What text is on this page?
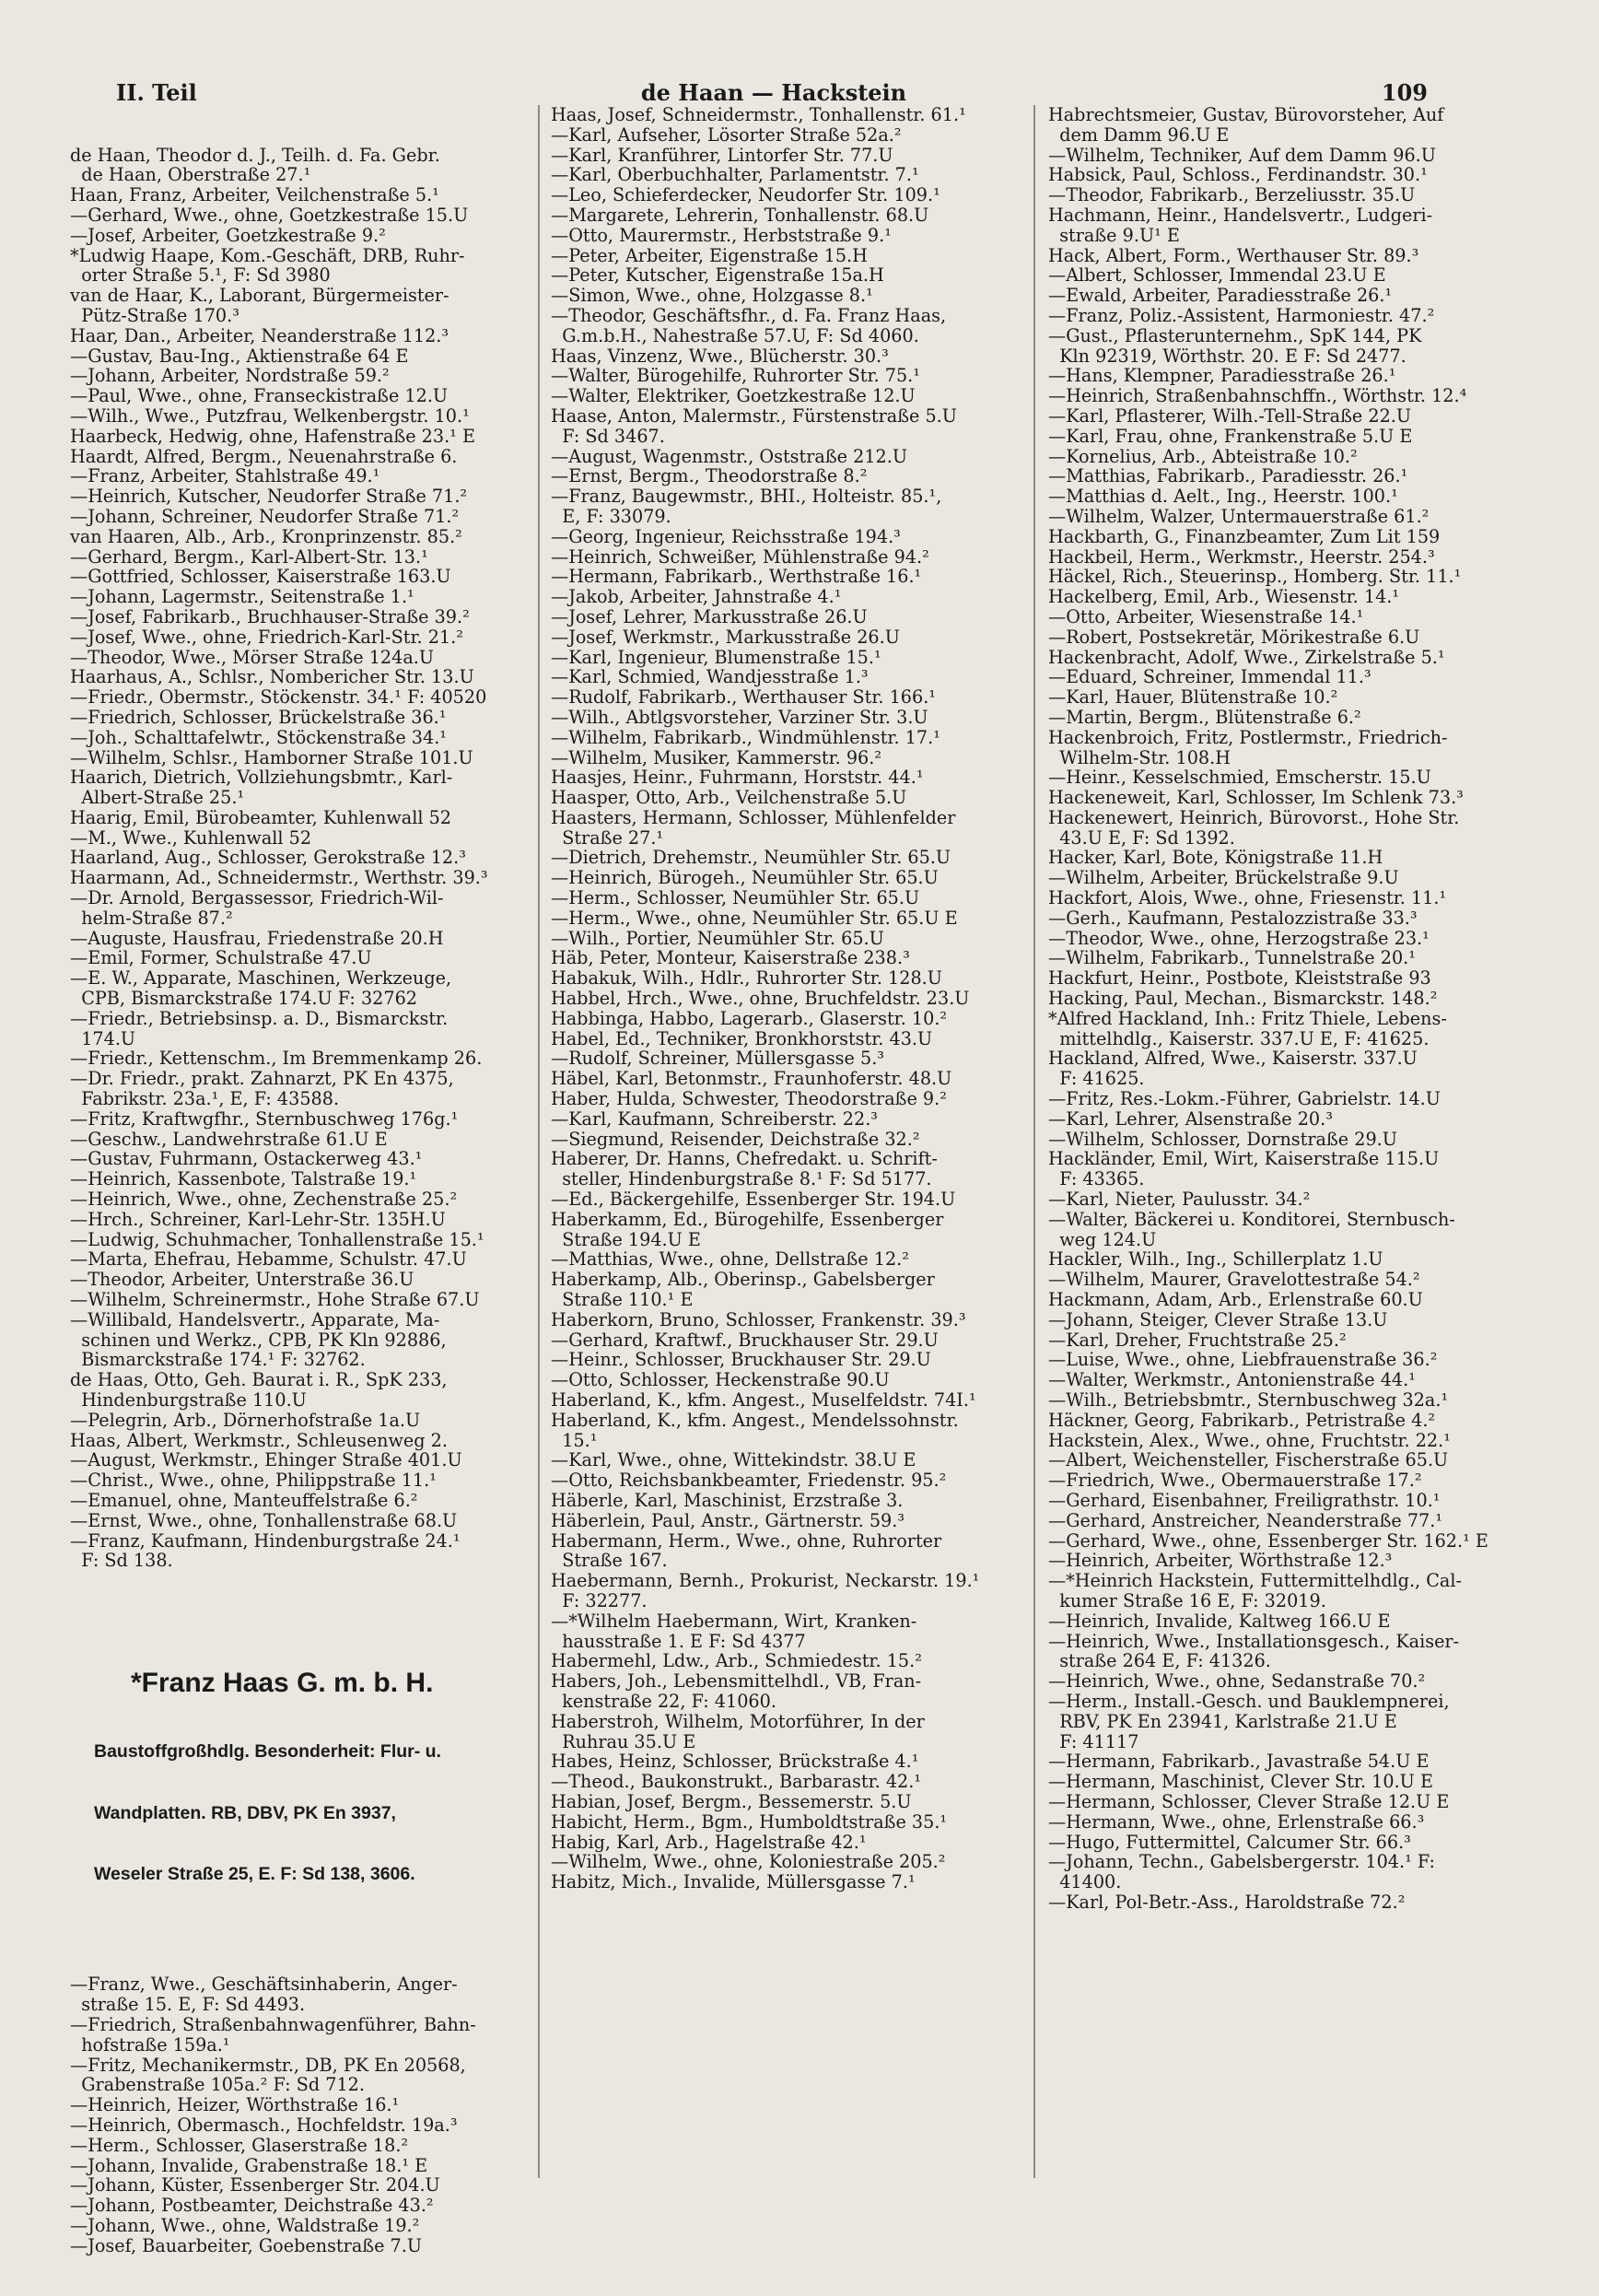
II. Teil	de Haan — Hackstein	109

de Haan, Theodor d. J., Teilh. d. Fa. Gebr.
de Haan, Oberstraße 27.¹
Haan, Franz, Arbeiter, Veilchenstraße 5.¹
—Gerhard, Wwe., ohne, Goetzkestraße 15.U
—Josef, Arbeiter, Goetzkestraße 9.²
*Ludwig Haape, Kom.-Geschäft, DRB, Ruhr-
orter Straße 5.¹, F: Sd 3980
van de Haar, K., Laborant, Bürgermeister-
Pütz-Straße 170.³
Haar, Dan., Arbeiter, Neanderstraße 112.³
—Gustav, Bau-Ing., Aktienstraße 64 E
—Johann, Arbeiter, Nordstraße 59.²
—Paul, Wwe., ohne, Franseckistraße 12.U
—Wilh., Wwe., Putzfrau, Welkenbergstr. 10.¹
Haarbeck, Hedwig, ohne, Hafenstraße 23.¹ E
Haardt, Alfred, Bergm., Neuenahrstraße 6.
—Franz, Arbeiter, Stahlstraße 49.¹
—Heinrich, Kutscher, Neudorfer Straße 71.²
—Johann, Schreiner, Neudorfer Straße 71.²
van Haaren, Alb., Arb., Kronprinzenstr. 85.²
—Gerhard, Bergm., Karl-Albert-Str. 13.¹
—Gottfried, Schlosser, Kaiserstraße 163.U
—Johann, Lagermstr., Seitenstraße 1.¹
—Josef, Fabrikarb., Bruchhauser-Straße 39.²
—Josef, Wwe., ohne, Friedrich-Karl-Str. 21.²
—Theodor, Wwe., Mörser Straße 124a.U
Haarhaus, A., Schlsr., Nomberichеr Str. 13.U
—Friedr., Obermstr., Stöckenstr. 34.¹ F: 40520
—Friedrich, Schlosser, Brückelstraße 36.¹
—Joh., Schalttafelwtr., Stöckenstraße 34.¹
—Wilhelm, Schlsr., Hamborner Straße 101.U
Haarich, Dietrich, Vollziehungsbmtr., Karl-
Albert-Straße 25.¹
Haarig, Emil, Bürobeamter, Kuhlenwall 52
—M., Wwe., Kuhlenwall 52
Haarland, Aug., Schlosser, Gerokstraße 12.³
Haarmann, Ad., Schneidermstr., Werthstr. 39.³
—Dr. Arnold, Bergassessor, Friedrich-Wil-
helm-Straße 87.²
—Auguste, Hausfrau, Friedenstraße 20.H
—Emil, Former, Schulstraße 47.U
—E. W., Apparate, Maschinen, Werkzeuge,
CPB, Bismarckstraße 174.U F: 32762
—Friedr., Betriebsinsp. a. D., Bismarckstr.
174.U
—Friedr., Kettenschm., Im Bremmenkamp 26.
—Dr. Friedr., prakt. Zahnarzt, PK En 4375,
Fabrikstr. 23a.¹, E, F: 43588.
—Fritz, Kraftwgfhr., Sternbuschweg 176g.¹
—Geschw., Landwehrstraße 61.U E
—Gustav, Fuhrmann, Ostackerweg 43.¹
—Heinrich, Kassenbote, Talstraße 19.¹
—Heinrich, Wwe., ohne, Zechenstraße 25.²
—Hrch., Schreiner, Karl-Lehr-Str. 135H.U
—Ludwig, Schuhmacher, Tonhallenstraße 15.¹
—Marta, Ehefrau, Hebamme, Schulstr. 47.U
—Theodor, Arbeiter, Unterstraße 36.U
—Wilhelm, Schreinermstr., Hohe Straße 67.U
—Willibald, Handelsvertr., Apparate, Ma-
schinen und Werkz., CPB, PK Kln 92886,
Bismarckstraße 174.¹ F: 32762.
de Haas, Otto, Geh. Baurat i. R., SpK 233,
Hindenburgstraße 110.U
—Pelegrin, Arb., Dörnerhofstraße 1a.U
Haas, Albert, Werkmstr., Schleusenweg 2.
—August, Werkmstr., Ehinger Straße 401.U
—Christ., Wwe., ohne, Philippstraße 11.¹
—Emanuel, ohne, Manteuffelstraße 6.²
—Ernst, Wwe., ohne, Tonhallenstraße 68.U
—Franz, Kaufmann, Hindenburgstraße 24.¹
F: Sd 138.

*Franz Haas G. m. b. H.

Baustoffgroßhdlg. Besonderheit: Flur- u.

Wandplatten. RB, DBV, PK En 3937,

Weseler Straße 25, E. F: Sd 138, 3606.

—Franz, Wwe., Geschäftsinhaberin, Anger-
straße 15. E, F: Sd 4493.
—Friedrich, Straßenbahnwagenführer, Bahn-
hofstraße 159a.¹
—Fritz, Mechanikermstr., DB, PK En 20568,
Grabenstraße 105a.² F: Sd 712.
—Heinrich, Heizer, Wörthstraße 16.¹
—Heinrich, Obermasch., Hochfeldstr. 19a.³
—Herm., Schlosser, Glaserstraße 18.²
—Johann, Invalide, Grabenstraße 18.¹ E
—Johann, Küster, Essenberger Str. 204.U
—Johann, Postbeamter, Deichstraße 43.²
—Johann, Wwe., ohne, Waldstraße 19.²
—Josef, Bauarbeiter, Goebenstraße 7.U

Haas, Josef, Schneidermstr., Tonhallenstr. 61.¹
—Karl, Aufseher, Lösorter Straße 52a.²
—Karl, Kranführer, Lintorfer Str. 77.U
—Karl, Oberbuchhalter, Parlamentstr. 7.¹
—Leo, Schieferdecker, Neudorfer Str. 109.¹
—Margarete, Lehrerin, Tonhallenstr. 68.U
—Otto, Maurermstr., Herbststraße 9.¹
—Peter, Arbeiter, Eigenstraße 15.H
—Peter, Kutscher, Eigenstraße 15a.H
—Simon, Wwe., ohne, Holzgasse 8.¹
—Theodor, Geschäftsfhr., d. Fa. Franz Haas,
G.m.b.H., Nahestraße 57.U, F: Sd 4060.
Haas, Vinzenz, Wwe., Blücherstr. 30.³
—Walter, Bürogehilfe, Ruhrorter Str. 75.¹
—Walter, Elektriker, Goetzkestraße 12.U
Haase, Anton, Malermstr., Fürstenstraße 5.U
F: Sd 3467.
—August, Wagenmstr., Oststraße 212.U
—Ernst, Bergm., Theodorstraße 8.²
—Franz, Baugewmstr., BHI., Holteistr. 85.¹,
E, F: 33079.
—Georg, Ingenieur, Reichsstraße 194.³
—Heinrich, Schweißer, Mühlenstraße 94.²
—Hermann, Fabrikarb., Werthstraße 16.¹
—Jakob, Arbeiter, Jahnstraße 4.¹
—Josef, Lehrer, Markusstraße 26.U
—Josef, Werkmstr., Markusstraße 26.U
—Karl, Ingenieur, Blumenstraße 15.¹
—Karl, Schmied, Wandjesstraße 1.³
—Rudolf, Fabrikarb., Werthauser Str. 166.¹
—Wilh., Abtlgsvorsteher, Varziner Str. 3.U
—Wilhelm, Fabrikarb., Windmühlenstr. 17.¹
—Wilhelm, Musiker, Kammerstr. 96.²
Haasjes, Heinr., Fuhrmann, Horststr. 44.¹
Haasper, Otto, Arb., Veilchenstraße 5.U
Haasters, Hermann, Schlosser, Mühlenfelder
Straße 27.¹
—Dietrich, Drehemstr., Neumühler Str. 65.U
—Heinrich, Bürogeh., Neumühler Str. 65.U
—Herm., Schlosser, Neumühler Str. 65.U
—Herm., Wwe., ohne, Neumühler Str. 65.U E
—Wilh., Portier, Neumühler Str. 65.U
Häb, Peter, Monteur, Kaiserstraße 238.³
Habakuk, Wilh., Hdlr., Ruhrorter Str. 128.U
Habbel, Hrch., Wwe., ohne, Bruchfeldstr. 23.U
Habbinga, Habbo, Lagerarb., Glaserstr. 10.²
Habel, Ed., Techniker, Bronkhorststr. 43.U
—Rudolf, Schreiner, Müllersgasse 5.³
Häbel, Karl, Betonmstr., Fraunhoferstr. 48.U
Haber, Hulda, Schwester, Theodorstraße 9.²
—Karl, Kaufmann, Schreiberstr. 22.³
—Siegmund, Reisender, Deichstraße 32.²
Haberer, Dr. Hanns, Chefredakt. u. Schrift-
steller, Hindenburgstraße 8.¹ F: Sd 5177.
—Ed., Bäckergehilfe, Essenberger Str. 194.U
Haberkamm, Ed., Bürogehilfe, Essenberger
Straße 194.U E
—Matthias, Wwe., ohne, Dellstraße 12.²
Haberkamp, Alb., Oberinsp., Gabelsberger
Straße 110.¹ E
Haberkorn, Bruno, Schlosser, Frankenstr. 39.³
—Gerhard, Kraftwf., Bruckhauser Str. 29.U
—Heinr., Schlosser, Bruckhauser Str. 29.U
—Otto, Schlosser, Heckenstraße 90.U
Haberland, K., kfm. Angest., Muselfeldstr. 74I.¹
Haberland, K., kfm. Angest., Mendelssohnstr.
15.¹
—Karl, Wwe., ohne, Wittekindstr. 38.U E
—Otto, Reichsbankbeamter, Friedenstr. 95.²
Häberle, Karl, Maschinist, Erzstraße 3.
Häberlein, Paul, Anstr., Gärtnerstr. 59.³
Habermann, Herm., Wwe., ohne, Ruhrorter
Straße 167.
Haebermann, Bernh., Prokurist, Neckarstr. 19.¹
F: 32277.
—*Wilhelm Haebermann, Wirt, Kranken-
hausstraße 1. E F: Sd 4377
Habermehl, Ldw., Arb., Schmiedestr. 15.²
Habers, Joh., Lebensmittelhdl., VB, Fran-
kenstraße 22, F: 41060.
Haberstroh, Wilhelm, Motorführer, In der
Ruhrau 35.U E
Habes, Heinz, Schlosser, Brückstraße 4.¹
—Theod., Baukonstrukt., Barbarastr. 42.¹
Habian, Josef, Bergm., Bessemerstr. 5.U
Habicht, Herm., Bgm., Humboldtstraße 35.¹
Habig, Karl, Arb., Hagelstraße 42.¹
—Wilhelm, Wwe., ohne, Koloniestraße 205.²
Habitz, Mich., Invalide, Müllersgasse 7.¹
Habrechtsmeier, Gustav, Bürovorsteher, Auf
dem Damm 96.U E
—Wilhelm, Techniker, Auf dem Damm 96.U
Habsick, Paul, Schloss., Ferdinandstr. 30.¹
—Theodor, Fabrikarb., Berzeliusstr. 35.U
Hachmann, Heinr., Handelsvertr., Ludgeri-
straße 9.U¹ E
Hack, Albert, Form., Werthauser Str. 89.³
—Albert, Schlosser, Immendal 23.U E
—Ewald, Arbeiter, Paradiesstraße 26.¹
—Franz, Poliz.-Assistent, Harmoniestr. 47.²
—Gust., Pflasterunternehm., SpK 144, PK
Kln 92319, Wörthstr. 20. E F: Sd 2477.
—Hans, Klempner, Paradiesstraße 26.¹
—Heinrich, Straßenbahnschffn., Wörthstr. 12.⁴
—Karl, Pflasterer, Wilh.-Tell-Straße 22.U
—Karl, Frau, ohne, Frankenstraße 5.U E
—Kornelius, Arb., Abteistraße 10.²
—Matthias, Fabrikarb., Paradiesstr. 26.¹
—Matthias d. Aelt., Ing., Heerstr. 100.¹
—Wilhelm, Walzer, Untermauerstraße 61.²
Hackbarth, G., Finanzbeamter, Zum Lit 159
Hackbeil, Herm., Werkmstr., Heerstr. 254.³
Häckel, Rich., Steuerinsp., Homberg. Str. 11.¹
Hackelberg, Emil, Arb., Wiesenstr. 14.¹
—Otto, Arbeiter, Wiesenstraße 14.¹
—Robert, Postsekretär, Mörikestraße 6.U
Hackenbracht, Adolf, Wwe., Zirkelstraße 5.¹
—Eduard, Schreiner, Immendal 11.³
—Karl, Hauer, Blütenstraße 10.²
—Martin, Bergm., Blütenstraße 6.²
Hackenbroich, Fritz, Postlermstr., Friedrich-
Wilhelm-Str. 108.H
—Heinr., Kesselschmied, Emscherstr. 15.U
Hackeneweit, Karl, Schlosser, Im Schlenk 73.³
Hackenewert, Heinrich, Bürovorst., Hohe Str.
43.U E, F: Sd 1392.
Hacker, Karl, Bote, Königstraße 11.H
—Wilhelm, Arbeiter, Brückelstraße 9.U
Hackfort, Alois, Wwe., ohne, Friesenstr. 11.¹
—Gerh., Kaufmann, Pestalozzistraße 33.³
—Theodor, Wwe., ohne, Herzogstraße 23.¹
—Wilhelm, Fabrikarb., Tunnelstraße 20.¹
Hackfurt, Heinr., Postbote, Kleiststraße 93
Hacking, Paul, Mechan., Bismarckstr. 148.²
*Alfred Hackland, Inh.: Fritz Thiele, Lebens-
mittelhdlg., Kaiserstr. 337.U E, F: 41625.
Hackland, Alfred, Wwe., Kaiserstr. 337.U
F: 41625.
—Fritz, Res.-Lokm.-Führer, Gabrielstr. 14.U
—Karl, Lehrer, Alsenstraße 20.³
—Wilhelm, Schlosser, Dornstraße 29.U
Hackländer, Emil, Wirt, Kaiserstraße 115.U
F: 43365.
—Karl, Nieter, Paulusstr. 34.²
—Walter, Bäckerei u. Konditorei, Sternbusch-
weg 124.U
Hackler, Wilh., Ing., Schillerplatz 1.U
—Wilhelm, Maurer, Gravelottestraße 54.²
Hackmann, Adam, Arb., Erlenstraße 60.U
—Johann, Steiger, Clever Straße 13.U
—Karl, Dreher, Fruchtstraße 25.²
—Luise, Wwe., ohne, Liebfrauenstraße 36.²
—Walter, Werkmstr., Antonienstraße 44.¹
—Wilh., Betriebsbmtr., Sternbuschweg 32a.¹
Häckner, Georg, Fabrikarb., Petristraße 4.²
Hackstein, Alex., Wwe., ohne, Fruchtstr. 22.¹
—Albert, Weichensteller, Fischerstraße 65.U
—Friedrich, Wwe., Obermauerstraße 17.²
—Gerhard, Eisenbahner, Freiligrathstr. 10.¹
—Gerhard, Anstreicher, Neanderstraße 77.¹
—Gerhard, Wwe., ohne, Essenberger Str. 162.¹ E
—Heinrich, Arbeiter, Wörthstraße 12.³
—*Heinrich Hackstein, Futtermittelhdlg., Cal-
kumer Straße 16 E, F: 32019.
—Heinrich, Invalide, Kaltweg 166.U E
—Heinrich, Wwe., Installationsgesch., Kaiser-
straße 264 E, F: 41326.
—Heinrich, Wwe., ohne, Sedanstraße 70.²
—Herm., Install.-Gesch. und Bauklempnerei,
RBV, PK En 23941, Karlstraße 21.U E
F: 41117
—Hermann, Fabrikarb., Javastraße 54.U E
—Hermann, Maschinist, Clever Str. 10.U E
—Hermann, Schlosser, Clever Straße 12.U E
—Hermann, Wwe., ohne, Erlenstraße 66.³
—Hugo, Futtermittel, Calcumer Str. 66.³
—Johann, Techn., Gabelsbergerstr. 104.¹ F:
41400.
—Karl, Pol-Betr.-Ass., Haroldstraße 72.²
